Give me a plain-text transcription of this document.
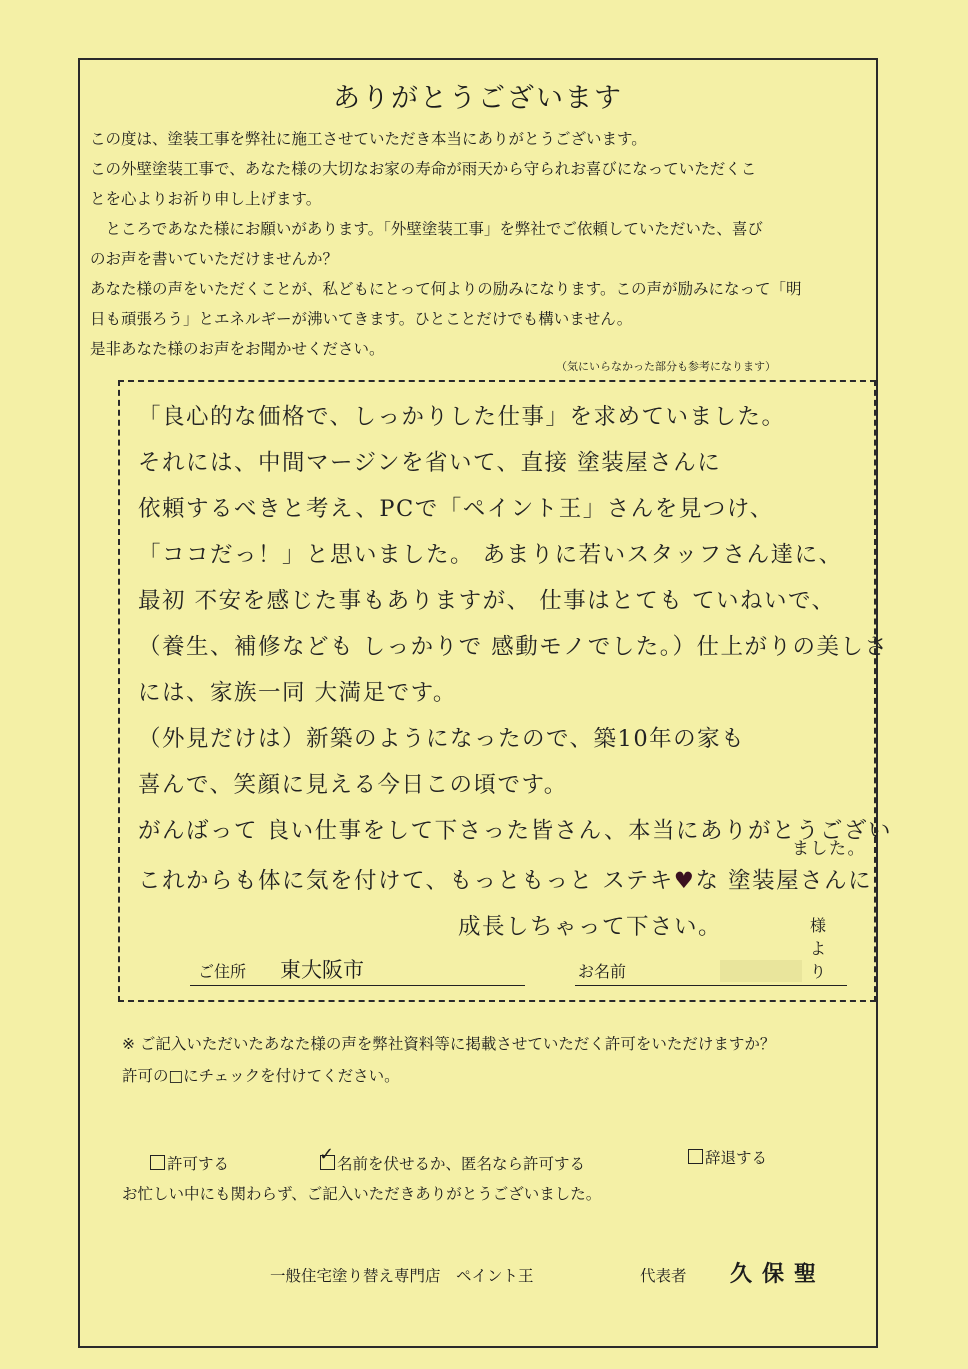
ありがとうございます

この度は、塗装工事を弊社に施工させていただき本当にありがとうございます。

この外壁塗装工事で、あなた様の大切なお家の寿命が雨天から守られお喜びになっていただくこ

とを心よりお祈り申し上げます。

ところであなた様にお願いがあります。「外壁塗装工事」を弊社でご依頼していただいた、喜び

のお声を書いていただけませんか？

あなた様の声をいただくことが、私どもにとって何よりの励みになります。この声が励みになって「明

日も頑張ろう」とエネルギーが沸いてきます。ひとことだけでも構いません。

是非あなた様のお声をお聞かせください。

（気にいらなかった部分も参考になります）
「良心的な価格で、しっかりした仕事」を求めていました。
それには、中間マージンを省いて、直接 塗装屋さんに
依頼するべきと考え、PCで「ペイント王」さんを見つけ、
「ココだっ！」と思いました。 あまりに若いスタッフさん達に、
最初 不安を感じた事もありますが、 仕事はとても ていねいで、
（養生、補修なども しっかりで 感動モノでした。）仕上がりの美しさ
には、家族一同 大満足です。
（外見だけは）新築のようになったので、築10年の家も
喜んで、笑顔に見える今日この頃です。
がんばって 良い仕事をして下さった皆さん、本当にありがとうござい
ました。
これからも体に気を付けて、もっともっと ステキ♥な 塗装屋さんに
成長しちゃって下さい。
ご住所 東大阪市	お名前
様より

※ ご記入いただいたあなた様の声を弊社資料等に掲載させていただく許可をいただけますか？

許可の□にチェックを付けてください。

許可する	✓ 名前を伏せるか、匿名なら許可する	辞退する
お忙しい中にも関わらず、ご記入いただきありがとうございました。
一般住宅塗り替え専門店　ペイント王	代表者 久保聖
